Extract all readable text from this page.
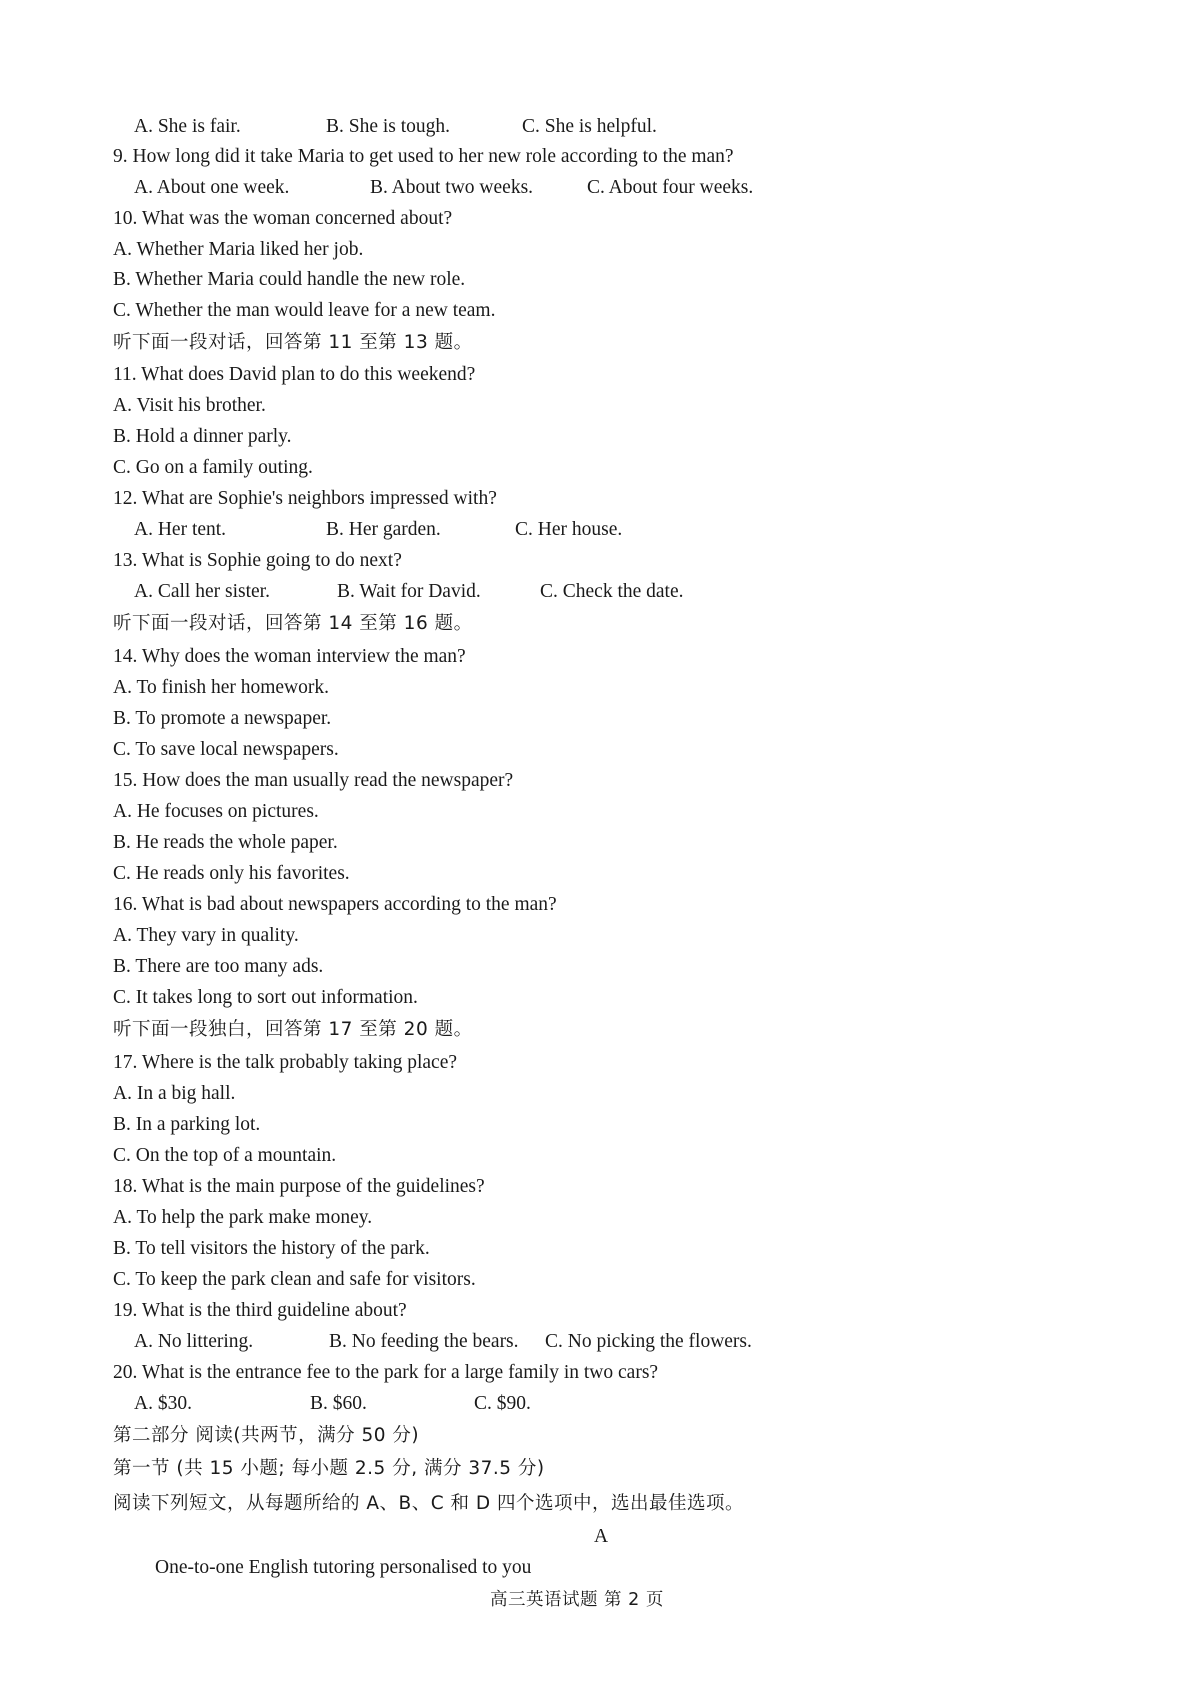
A. She is fair.	B. She is tough.	C. She is helpful.
9. How long did it take Maria to get used to her new role according to the man?
A. About one week.	B. About two weeks.	C. About four weeks.
10. What was the woman concerned about?
A. Whether Maria liked her job.
B. Whether Maria could handle the new role.
C. Whether the man would leave for a new team.
听下面一段对话，回答第 11 至第 13 题。
11. What does David plan to do this weekend?
A. Visit his brother.
B. Hold a dinner parly.
C. Go on a family outing.
12. What are Sophie's neighbors impressed with?
A. Her tent.	B. Her garden.	C. Her house.
13. What is Sophie going to do next?
A. Call her sister.	B. Wait for David.	C. Check the date.
听下面一段对话，回答第 14 至第 16 题。
14. Why does the woman interview the man?
A. To finish her homework.
B. To promote a newspaper.
C. To save local newspapers.
15. How does the man usually read the newspaper?
A. He focuses on pictures.
B. He reads the whole paper.
C. He reads only his favorites.
16. What is bad about newspapers according to the man?
A. They vary in quality.
B. There are too many ads.
C. It takes long to sort out information.
听下面一段独白，回答第 17 至第 20 题。
17. Where is the talk probably taking place?
A. In a big hall.
B. In a parking lot.
C. On the top of a mountain.
18. What is the main purpose of the guidelines?
A. To help the park make money.
B. To tell visitors the history of the park.
C. To keep the park clean and safe for visitors.
19. What is the third guideline about?
A. No littering.	B. No feeding the bears. C. No picking the flowers.
20. What is the entrance fee to the park for a large family in two cars?
A. $30.	B. $60.	C. $90.
第二部分 阅读(共两节，满分 50 分)
第一节 (共 15 小题; 每小题 2.5 分, 满分 37.5 分)
阅读下列短文，从每题所给的 A、B、C 和 D 四个选项中，选出最佳选项。
A
One-to-one English tutoring personalised to you
高三英语试题 第 2 页
